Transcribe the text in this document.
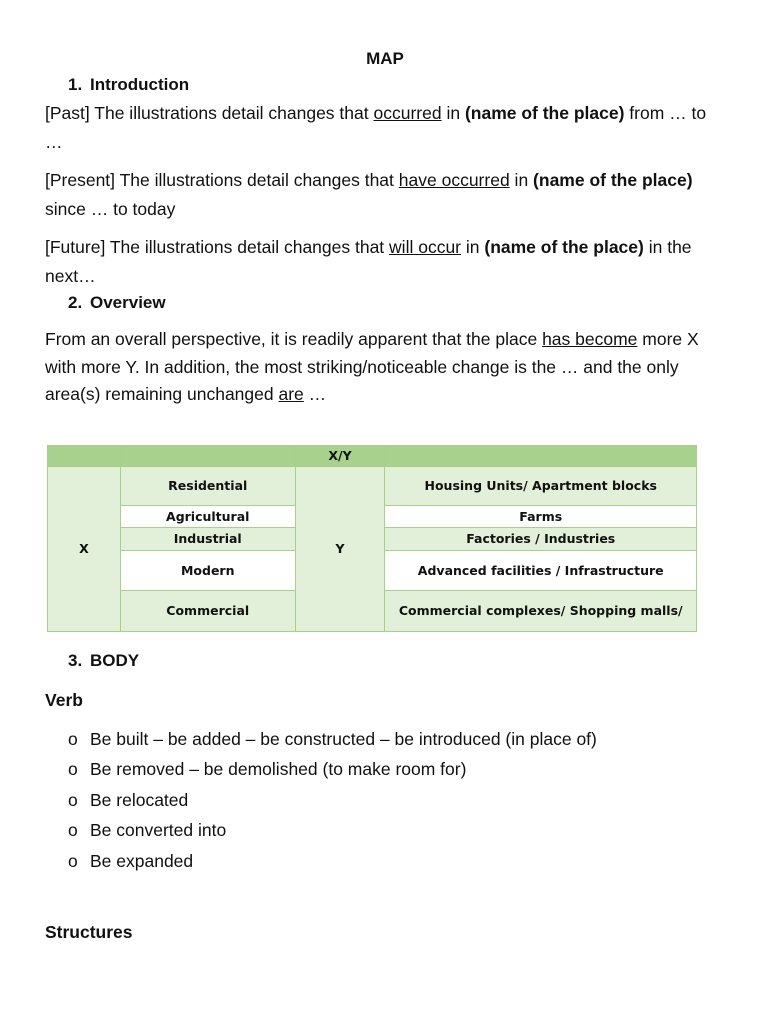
MAP
1. Introduction

[Past] The illustrations detail changes that occurred in (name of the place) from … to …

[Present] The illustrations detail changes that have occurred in (name of the place) since … to today

[Future] The illustrations detail changes that will occur in (name of the place) in the next…

2. Overview

From an overall perspective, it is readily apparent that the place has become more X with more Y. In addition, the most striking/noticeable change is the … and the only area(s) remaining unchanged are …

		X/Y	
X	Residential	Y	Housing Units/ Apartment blocks
	Agricultural		Farms
	Industrial		Factories / Industries
	Modern		Advanced facilities / Infrastructure
	Commercial		Commercial complexes/ Shopping malls/
3. BODY
Verb
o Be built – be added – be constructed – be introduced (in place of)
o Be removed – be demolished (to make room for)
o Be relocated
o Be converted into
o Be expanded
Structures
